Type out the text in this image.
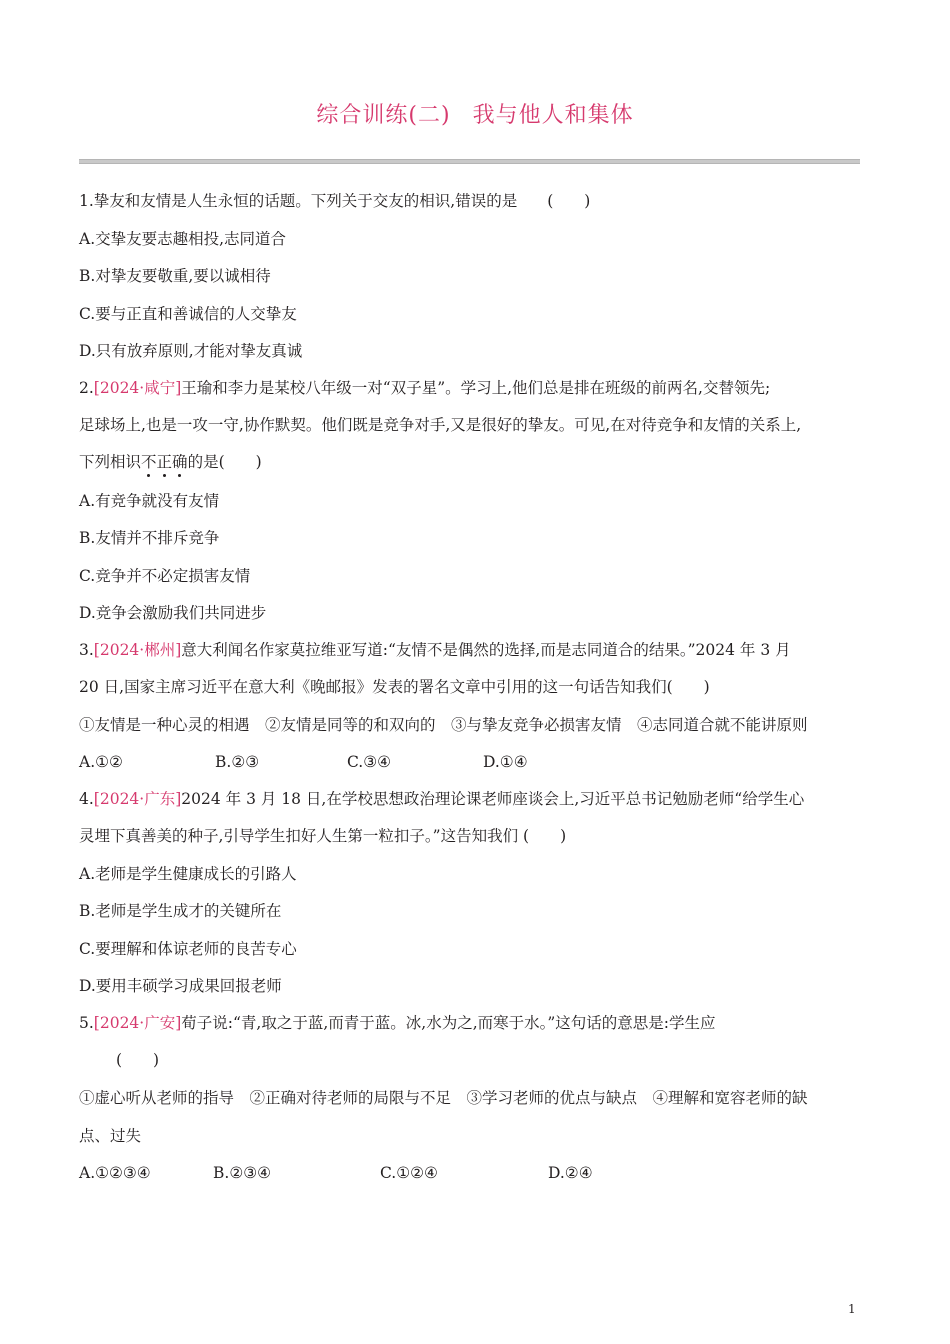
综合训练(二) 我与他人和集体
1.挚友和友情是人生永恒的话题。下列关于交友的相识,错误的是 (　　)
A.交挚友要志趣相投,志同道合
B.对挚友要敬重,要以诚相待
C.要与正直和善诚信的人交挚友
D.只有放弃原则,才能对挚友真诚
2.[2024·咸宁]王瑜和李力是某校八年级一对“双子星”。学习上,他们总是排在班级的前两名,交替领先;
足球场上,也是一攻一守,协作默契。他们既是竞争对手,又是很好的挚友。可见,在对待竞争和友情的关系上,
下列相识不正确的是(　　)
A.有竞争就没有友情
B.友情并不排斥竞争
C.竞争并不必定损害友情
D.竞争会激励我们共同进步
3.[2024·郴州]意大利闻名作家莫拉维亚写道:“友情不是偶然的选择,而是志同道合的结果。”2024 年 3 月
20 日,国家主席习近平在意大利《晚邮报》发表的署名文章中引用的这一句话告知我们(　　)
①友情是一种心灵的相遇　②友情是同等的和双向的　③与挚友竞争必损害友情　④志同道合就不能讲原则
A.①②	B.②③	C.③④	D.①④
4.[2024·广东]2024 年 3 月 18 日,在学校思想政治理论课老师座谈会上,习近平总书记勉励老师“给学生心
灵埋下真善美的种子,引导学生扣好人生第一粒扣子。”这告知我们 (　　)
A.老师是学生健康成长的引路人
B.老师是学生成才的关键所在
C.要理解和体谅老师的良苦专心
D.要用丰硕学习成果回报老师
5.[2024·广安]荀子说:“青,取之于蓝,而青于蓝。冰,水为之,而寒于水。”这句话的意思是:学生应
(　　)
①虚心听从老师的指导　②正确对待老师的局限与不足　③学习老师的优点与缺点　④理解和宽容老师的缺
点、过失
A.①②③④	B.②③④	C.①②④	D.②④
1
